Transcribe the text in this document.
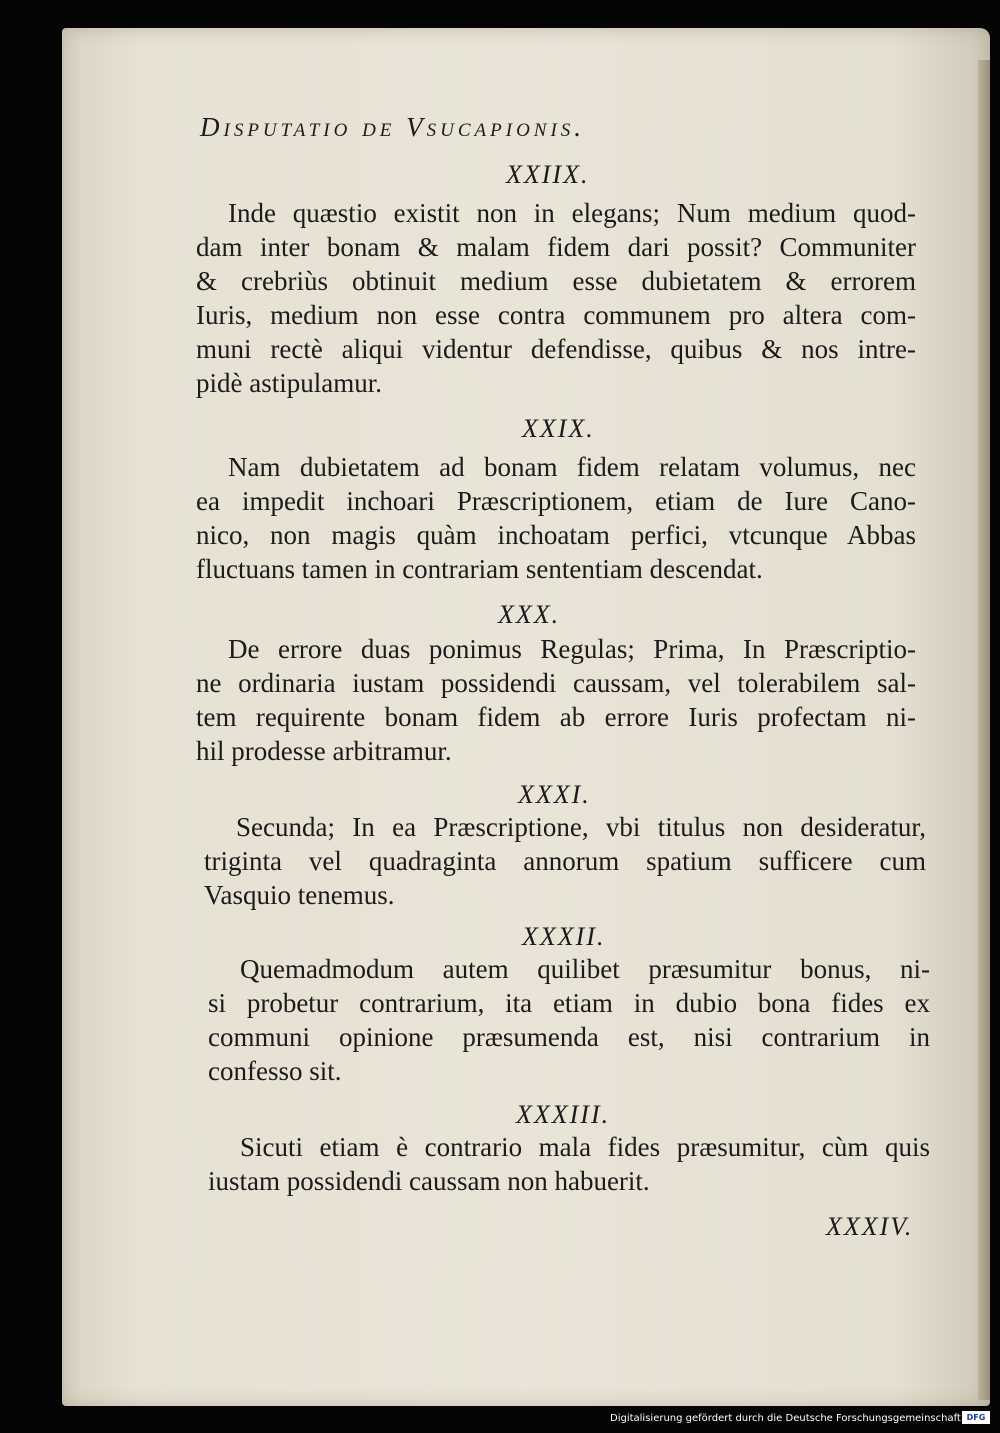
Disputatio de Vsucapionis.
XXIIX.
Inde quæstio existit non in elegans; Num medium quod-
dam inter bonam & malam fidem dari possit? Communiter
& crebriùs obtinuit medium esse dubietatem & errorem
Iuris, medium non esse contra communem pro altera com-
muni rectè aliqui videntur defendisse, quibus & nos intre-
pidè astipulamur.
XXIX.
Nam dubietatem ad bonam fidem relatam volumus, nec
ea impedit inchoari Præscriptionem, etiam de Iure Cano-
nico, non magis quàm inchoatam perfici, vtcunque Abbas
fluctuans tamen in contrariam sententiam descendat.
XXX.
De errore duas ponimus Regulas; Prima, In Præscriptio-
ne ordinaria iustam possidendi caussam, vel tolerabilem sal-
tem requirente bonam fidem ab errore Iuris profectam ni-
hil prodesse arbitramur.
XXXI.
Secunda; In ea Præscriptione, vbi titulus non desideratur,
triginta vel quadraginta annorum spatium sufficere cum
Vasquio tenemus.
XXXII.
Quemadmodum autem quilibet præsumitur bonus, ni-
si probetur contrarium, ita etiam in dubio bona fides ex
communi opinione præsumenda est, nisi contrarium in
confesso sit.
XXXIII.
Sicuti etiam è contrario mala fides præsumitur, cùm quis
iustam possidendi caussam non habuerit.
XXXIV.
Digitalisierung gefördert durch die Deutsche Forschungsgemeinschaft DFG
